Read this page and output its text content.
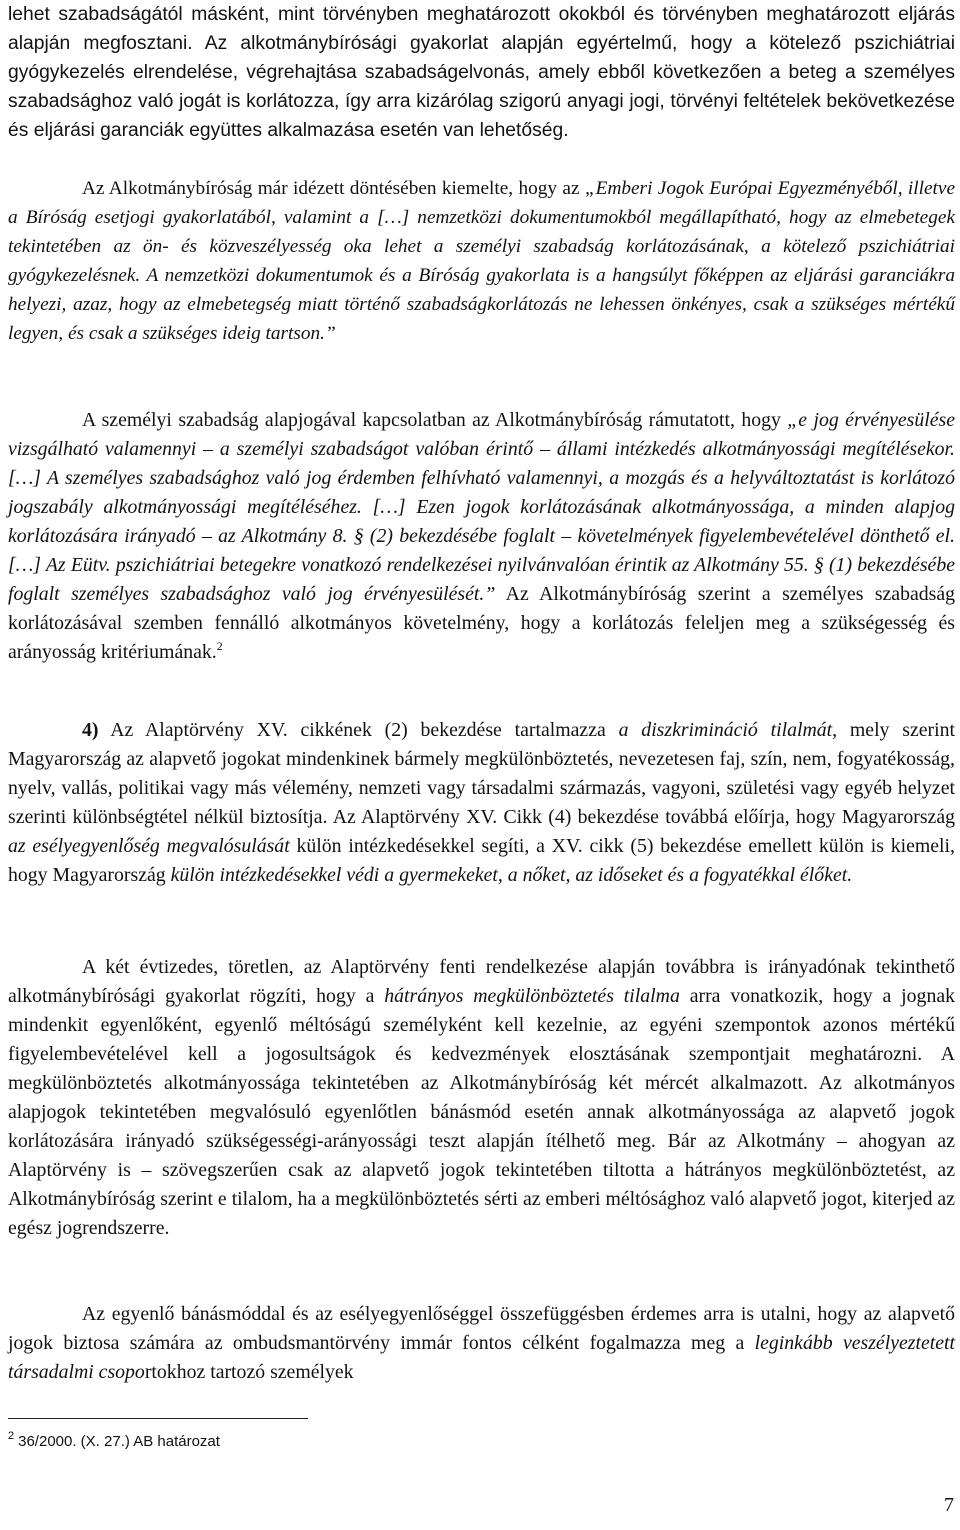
lehet szabadságától másként, mint törvényben meghatározott okokból és törvényben meghatározott eljárás alapján megfosztani. Az alkotmánybírósági gyakorlat alapján egyértelmű, hogy a kötelező pszichiátriai gyógykezelés elrendelése, végrehajtása szabadságelvonás, amely ebből következően a beteg a személyes szabadsághoz való jogát is korlátozza, így arra kizárólag szigorú anyagi jogi, törvényi feltételek bekövetkezése és eljárási garanciák együttes alkalmazása esetén van lehetőség.

Az Alkotmánybíróság már idézett döntésében kiemelte, hogy az „Emberi Jogok Európai Egyezményéből, illetve a Bíróság esetjogi gyakorlatából, valamint a […] nemzetközi dokumentumokból megállapítható, hogy az elmebetegek tekintetében az ön- és közveszélyesség oka lehet a személyi szabadság korlátozásának, a kötelező pszichiátriai gyógykezelésnek. A nemzetközi dokumentumok és a Bíróság gyakorlata is a hangsúlyt főképpen az eljárási garanciákra helyezi, azaz, hogy az elmebetegség miatt történő szabadságkorlátozás ne lehessen önkényes, csak a szükséges mértékű legyen, és csak a szükséges ideig tartson.”

A személyi szabadság alapjogával kapcsolatban az Alkotmánybíróság rámutatott, hogy „e jog érvényesülése vizsgálható valamennyi – a személyi szabadságot valóban érintő – állami intézkedés alkotmányossági megítélésekor. […] A személyes szabadsághoz való jog érdemben felhívható valamennyi, a mozgás és a helyváltoztatást is korlátozó jogszabály alkotmányossági megítéléséhez. […] Ezen jogok korlátozásának alkotmányossága, a minden alapjog korlátozására irányadó – az Alkotmány 8. § (2) bekezdésébe foglalt – követelmények figyelembevételével dönthető el. […] Az Eütv. pszichiátriai betegekre vonatkozó rendelkezései nyilvánvalóan érintik az Alkotmány 55. § (1) bekezdésébe foglalt személyes szabadsághoz való jog érvényesülését.” Az Alkotmánybíróság szerint a személyes szabadság korlátozásával szemben fennálló alkotmányos követelmény, hogy a korlátozás feleljen meg a szükségesség és arányosság kritériumának.$^2$

4) Az Alaptörvény XV. cikkének (2) bekezdése tartalmazza a diszkrimináció tilalmát, mely szerint Magyarország az alapvető jogokat mindenkinek bármely megkülönböztetés, nevezetesen faj, szín, nem, fogyatékosság, nyelv, vallás, politikai vagy más vélemény, nemzeti vagy társadalmi származás, vagyoni, születési vagy egyéb helyzet szerinti különbségtétel nélkül biztosítja. Az Alaptörvény XV. Cikk (4) bekezdése továbbá előírja, hogy Magyarország az esélyegyenlőség megvalósulását külön intézkedésekkel segíti, a XV. cikk (5) bekezdése emellett külön is kiemeli, hogy Magyarország külön intézkedésekkel védi a gyermekeket, a nőket, az időseket és a fogyatékkal élőket.

A két évtizedes, töretlen, az Alaptörvény fenti rendelkezése alapján továbbra is irányadónak tekinthető alkotmánybírósági gyakorlat rögzíti, hogy a hátrányos megkülönböztetés tilalma arra vonatkozik, hogy a jognak mindenkit egyenlőként, egyenlő méltóságú személyként kell kezelnie, az egyéni szempontok azonos mértékű figyelembevételével kell a jogosultságok és kedvezmények elosztásának szempontjait meghatározni. A megkülönböztetés alkotmányossága tekintetében az Alkotmánybíróság két mércét alkalmazott. Az alkotmányos alapjogok tekintetében megvalósuló egyenlőtlen bánásmód esetén annak alkotmányossága az alapvető jogok korlátozására irányadó szükségességi-arányossági teszt alapján ítélhető meg. Bár az Alkotmány – ahogyan az Alaptörvény is – szövegszerűen csak az alapvető jogok tekintetében tiltotta a hátrányos megkülönböztetést, az Alkotmánybíróság szerint e tilalom, ha a megkülönböztetés sérti az emberi méltósághoz való alapvető jogot, kiterjed az egész jogrendszerre.

Az egyenlő bánásmóddal és az esélyegyenlőséggel összefüggésben érdemes arra is utalni, hogy az alapvető jogok biztosa számára az ombudsmantörvény immár fontos célként fogalmazza meg a leginkább veszélyeztetett társadalmi csoportokhoz tartozó személyek

$^2$ 36/2000. (X. 27.) AB határozat
7
